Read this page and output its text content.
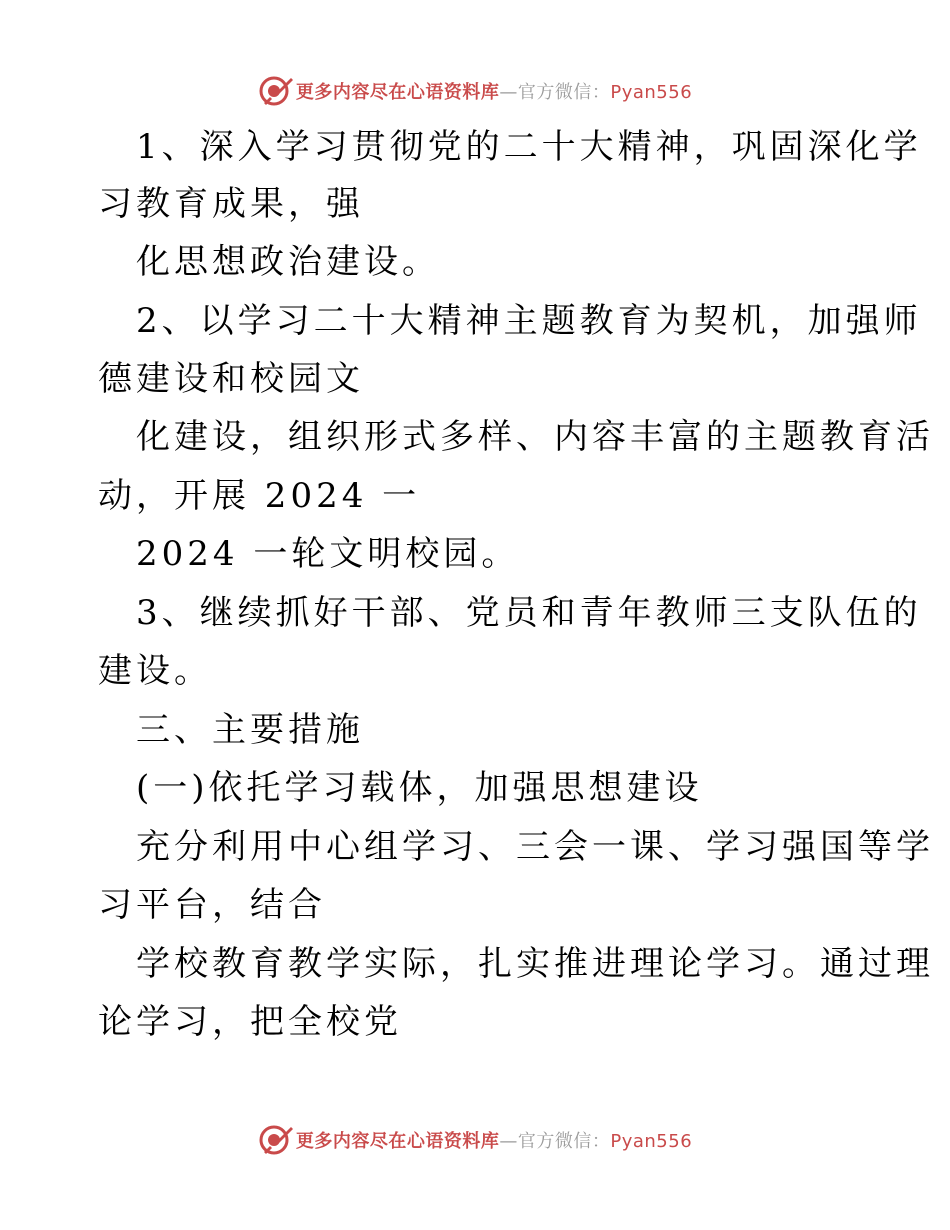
更多内容尽在心语资料库—官方微信：Pyan556
1、深入学习贯彻党的二十大精神，巩固深化学
习教育成果，强
化思想政治建设。
2、以学习二十大精神主题教育为契机，加强师
德建设和校园文
化建设，组织形式多样、内容丰富的主题教育活
动，开展 2024 一
2024 一轮文明校园。
3、继续抓好干部、党员和青年教师三支队伍的
建设。
三、主要措施
(一)依托学习载体，加强思想建设
充分利用中心组学习、三会一课、学习强国等学
习平台，结合
学校教育教学实际，扎实推进理论学习。通过理
论学习，把全校党
更多内容尽在心语资料库—官方微信：Pyan556
